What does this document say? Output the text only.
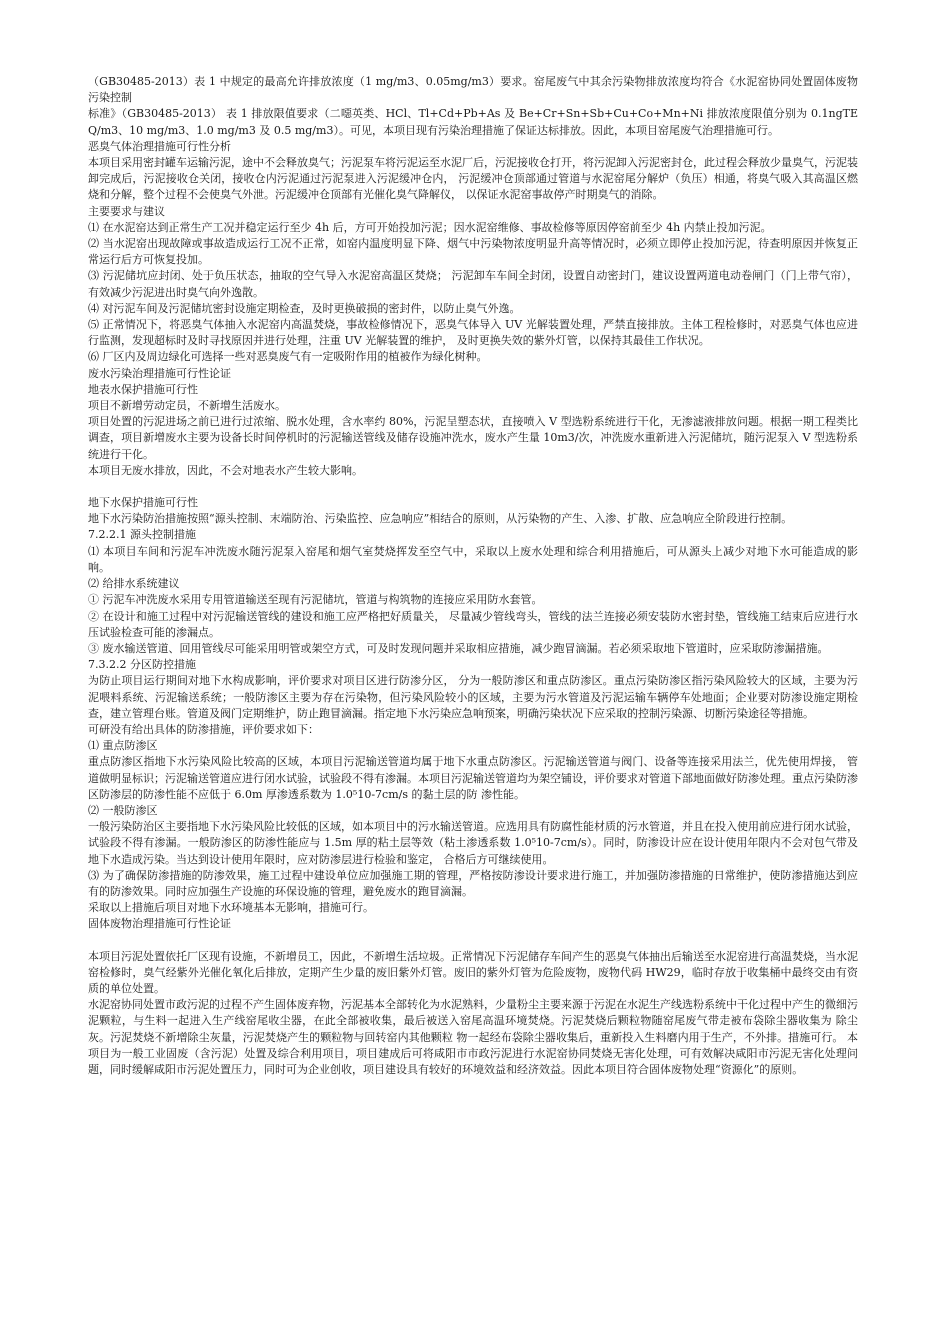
（GB30485-2013）表 1 中规定的最高允许排放浓度（1 mg/m3、0.05mg/m3）要求。窑尾废气中其余污染物排放浓度均符合《水泥窑协同处置固体废物污染控制

标准》（GB30485-2013） 表 1 排放限值要求（二噁英类、HCl、Tl+Cd+Pb+As 及 Be+Cr+Sn+Sb+Cu+Co+Mn+Ni 排放浓度限值分别为 0.1ngTEQ/m3、10 mg/m3、1.0 mg/m3 及 0.5 mg/m3）。可见，本项目现有污染治理措施了保证达标排放。因此，本项目窑尾废气治理措施可行。

恶臭气体治理措施可行性分析

本项目采用密封罐车运输污泥，途中不会释放臭气；污泥泵车将污泥运至水泥厂后，污泥接收仓打开，将污泥卸入污泥密封仓，此过程会释放少量臭气，污泥装卸完成后，污泥接收仓关闭，接收仓内污泥通过污泥泵进入污泥缓冲仓内， 污泥缓冲仓顶部通过管道与水泥窑尾分解炉（负压）相通，将臭气吸入其高温区燃烧和分解，整个过程不会使臭气外泄。污泥缓冲仓顶部有光催化臭气降解仪， 以保证水泥窑事故停产时期臭气的消除。

主要要求与建议

⑴ 在水泥窑达到正常生产工况并稳定运行至少 4h 后，方可开始投加污泥；因水泥窑维修、事故检修等原因停窑前至少 4h 内禁止投加污泥。

⑵ 当水泥窑出现故障或事故造成运行工况不正常，如窑内温度明显下降、烟气中污染物浓度明显升高等情况时，必须立即停止投加污泥，待查明原因并恢复正常运行后方可恢复投加。

⑶ 污泥储坑应封闭、处于负压状态，抽取的空气导入水泥窑高温区焚烧； 污泥卸车车间全封闭，设置自动密封门，建议设置两道电动卷闸门（门上带气帘），有效减少污泥进出时臭气向外逸散。

⑷ 对污泥车间及污泥储坑密封设施定期检查，及时更换破损的密封件，以防止臭气外逸。

⑸ 正常情况下，将恶臭气体抽入水泥窑内高温焚烧，事故检修情况下，恶臭气体导入 UV 光解装置处理，严禁直接排放。主体工程检修时，对恶臭气体也应进行监测，发现超标时及时寻找原因并进行处理，注重 UV 光解装置的维护， 及时更换失效的紫外灯管，以保持其最佳工作状况。

⑹ 厂区内及周边绿化可选择一些对恶臭废气有一定吸附作用的植被作为绿化树种。

废水污染治理措施可行性论证

地表水保护措施可行性

项目不新增劳动定员，不新增生活废水。

项目处置的污泥进场之前已进行过浓缩、脱水处理，含水率约 80%，污泥呈塑态状，直接喷入 V 型选粉系统进行干化，无渗滤液排放问题。根据一期工程类比调查，项目新增废水主要为设备长时间停机时的污泥输送管线及储存设施冲洗水，废水产生量 10m3/次，冲洗废水重新进入污泥储坑，随污泥泵入 V 型选粉系统进行干化。

本项目无废水排放，因此，不会对地表水产生较大影响。

地下水保护措施可行性

地下水污染防治措施按照“源头控制、末端防治、污染监控、应急响应”相结合的原则，从污染物的产生、入渗、扩散、应急响应全阶段进行控制。

7.2.2.1 源头控制措施

⑴ 本项目车间和污泥车冲洗废水随污泥泵入窑尾和烟气室焚烧挥发至空气中，采取以上废水处理和综合利用措施后，可从源头上减少对地下水可能造成的影响。

⑵ 给排水系统建议

① 污泥车冲洗废水采用专用管道输送至现有污泥储坑，管道与构筑物的连接应采用防水套管。

② 在设计和施工过程中对污泥输送管线的建设和施工应严格把好质量关， 尽量减少管线弯头，管线的法兰连接必须安装防水密封垫，管线施工结束后应进行水压试验检查可能的渗漏点。

③ 废水输送管道、回用管线尽可能采用明管或架空方式，可及时发现问题并采取相应措施，减少跑冒滴漏。若必须采取地下管道时，应采取防渗漏措施。

7.3.2.2 分区防控措施

为防止项目运行期间对地下水构成影响，评价要求对项目区进行防渗分区， 分为一般防渗区和重点防渗区。重点污染防渗区指污染风险较大的区域，主要为污泥喂料系统、污泥输送系统；一般防渗区主要为存在污染物，但污染风险较小的区域，主要为污水管道及污泥运输车辆停车处地面；企业要对防渗设施定期检查，建立管理台账。管道及阀门定期维护，防止跑冒滴漏。指定地下水污染应急响预案，明确污染状况下应采取的控制污染源、切断污染途径等措施。

可研没有给出具体的防渗措施，评价要求如下：

⑴ 重点防渗区

重点防渗区指地下水污染风险比较高的区域，本项目污泥输送管道均属于地下水重点防渗区。污泥输送管道与阀门、设备等连接采用法兰，优先使用焊接， 管道做明显标识；污泥输送管道应进行闭水试验，试验段不得有渗漏。本项目污泥输送管道均为架空铺设，评价要求对管道下部地面做好防渗处理。重点污染防渗区防渗层的防渗性能不应低于 6.0m 厚渗透系数为 1.0⁵10-7cm/s 的黏土层的防 渗性能。

⑵ 一般防渗区

一般污染防治区主要指地下水污染风险比较低的区域，如本项目中的污水输送管道。应选用具有防腐性能材质的污水管道，并且在投入使用前应进行闭水试验，试验段不得有渗漏。一般防渗区的防渗性能应与 1.5m 厚的粘土层等效（粘土渗透系数 1.0⁵10-7cm/s）。同时，防渗设计应在设计使用年限内不会对包气带及地下水造成污染。当达到设计使用年限时，应对防渗层进行检验和鉴定， 合格后方可继续使用。

⑶ 为了确保防渗措施的防渗效果，施工过程中建设单位应加强施工期的管理，严格按防渗设计要求进行施工，并加强防渗措施的日常维护，使防渗措施达到应有的防渗效果。同时应加强生产设施的环保设施的管理，避免废水的跑冒滴漏。

采取以上措施后项目对地下水环境基本无影响，措施可行。

固体废物治理措施可行性论证

本项目污泥处置依托厂区现有设施，不新增员工，因此，不新增生活垃圾。正常情况下污泥储存车间产生的恶臭气体抽出后输送至水泥窑进行高温焚烧，当水泥窑检修时，臭气经紫外光催化氧化后排放，定期产生少量的废旧紫外灯管。废旧的紫外灯管为危险废物，废物代码 HW29，临时存放于收集桶中最终交由有资质的单位处置。

水泥窑协同处置市政污泥的过程不产生固体废弃物，污泥基本全部转化为水泥熟料，少量粉尘主要来源于污泥在水泥生产线选粉系统中干化过程中产生的微细污泥颗粒，与生料一起进入生产线窑尾收尘器，在此全部被收集，最后被送入窑尾高温环境焚烧。污泥焚烧后颗粒物随窑尾废气带走被布袋除尘器收集为 除尘灰。污泥焚烧不新增除尘灰量，污泥焚烧产生的颗粒物与回转窑内其他颗粒 物一起经布袋除尘器收集后，重新投入生料磨内用于生产，不外排。措施可行。 本项目为一般工业固废（含污泥）处置及综合利用项目，项目建成后可将咸阳市市政污泥进行水泥窑协同焚烧无害化处理，可有效解决咸阳市污泥无害化处理问题，同时缓解咸阳市污泥处置压力，同时可为企业创收，项目建设具有较好的环境效益和经济效益。因此本项目符合固体废物处理“资源化”的原则。
